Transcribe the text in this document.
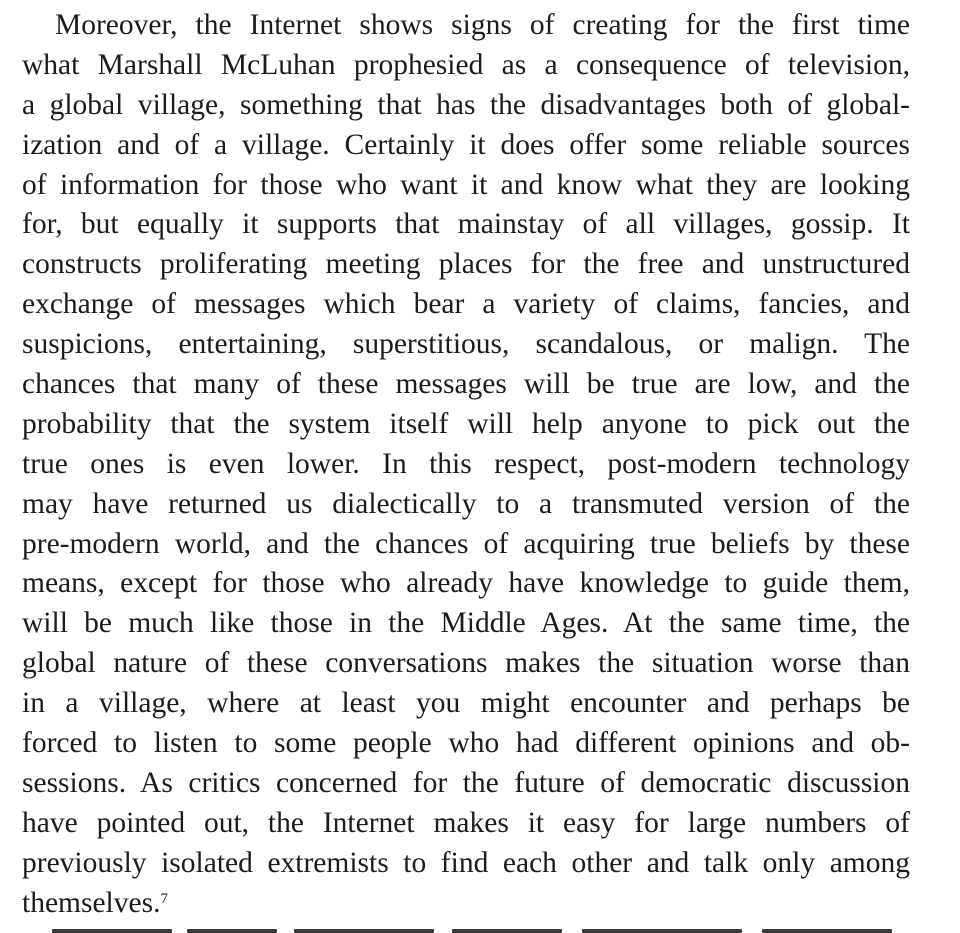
Moreover, the Internet shows signs of creating for the first time
what Marshall McLuhan prophesied as a consequence of television,
a global village, something that has the disadvantages both of global-
ization and of a village. Certainly it does offer some reliable sources
of information for those who want it and know what they are looking
for, but equally it supports that mainstay of all villages, gossip. It
constructs proliferating meeting places for the free and unstructured
exchange of messages which bear a variety of claims, fancies, and
suspicions, entertaining, superstitious, scandalous, or malign. The
chances that many of these messages will be true are low, and the
probability that the system itself will help anyone to pick out the
true ones is even lower. In this respect, post-modern technology
may have returned us dialectically to a transmuted version of the
pre-modern world, and the chances of acquiring true beliefs by these
means, except for those who already have knowledge to guide them,
will be much like those in the Middle Ages. At the same time, the
global nature of these conversations makes the situation worse than
in a village, where at least you might encounter and perhaps be
forced to listen to some people who had different opinions and ob-
sessions. As critics concerned for the future of democratic discussion
have pointed out, the Internet makes it easy for large numbers of
previously isolated extremists to find each other and talk only among
themselves.$^7$
